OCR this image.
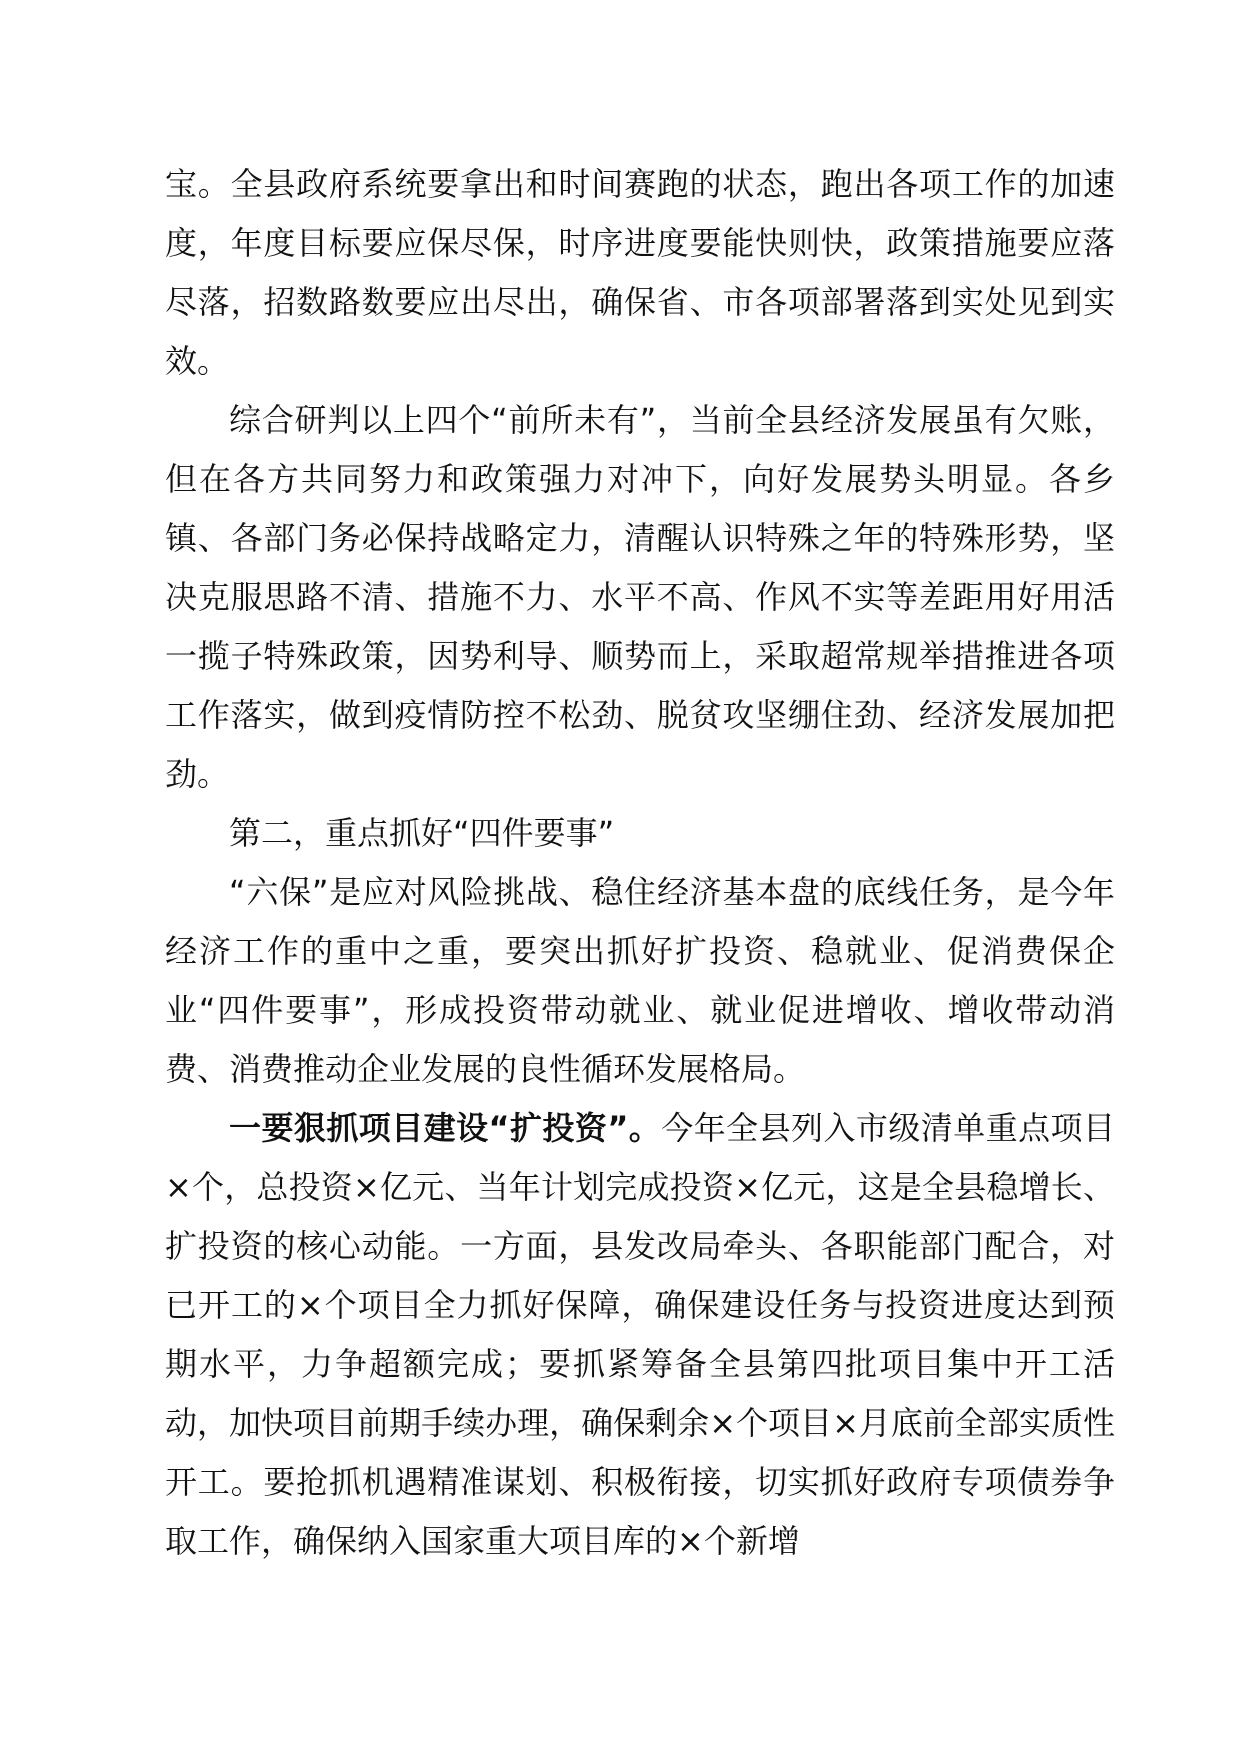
宝。全县政府系统要拿出和时间赛跑的状态，跑出各项工作的加速度，年度目标要应保尽保，时序进度要能快则快，政策措施要应落尽落，招数路数要应出尽出，确保省、市各项部署落到实处见到实效。

综合研判以上四个“前所未有”，当前全县经济发展虽有欠账，但在各方共同努力和政策强力对冲下，向好发展势头明显。各乡镇、各部门务必保持战略定力，清醒认识特殊之年的特殊形势，坚决克服思路不清、措施不力、水平不高、作风不实等差距用好用活一揽子特殊政策，因势利导、顺势而上，采取超常规举措推进各项工作落实，做到疫情防控不松劲、脱贫攻坚绷住劲、经济发展加把劲。

第二，重点抓好“四件要事”

“六保”是应对风险挑战、稳住经济基本盘的底线任务，是今年经济工作的重中之重，要突出抓好扩投资、稳就业、促消费保企业“四件要事”，形成投资带动就业、就业促进增收、增收带动消费、消费推动企业发展的良性循环发展格局。

一要狠抓项目建设“扩投资”。今年全县列入市级清单重点项目×个，总投资×亿元、当年计划完成投资×亿元，这是全县稳增长、扩投资的核心动能。一方面，县发改局牵头、各职能部门配合，对已开工的×个项目全力抓好保障，确保建设任务与投资进度达到预期水平，力争超额完成；要抓紧筹备全县第四批项目集中开工活动，加快项目前期手续办理，确保剩余×个项目×月底前全部实质性开工。要抢抓机遇精准谋划、积极衔接，切实抓好政府专项债券争取工作，确保纳入国家重大项目库的×个新增
